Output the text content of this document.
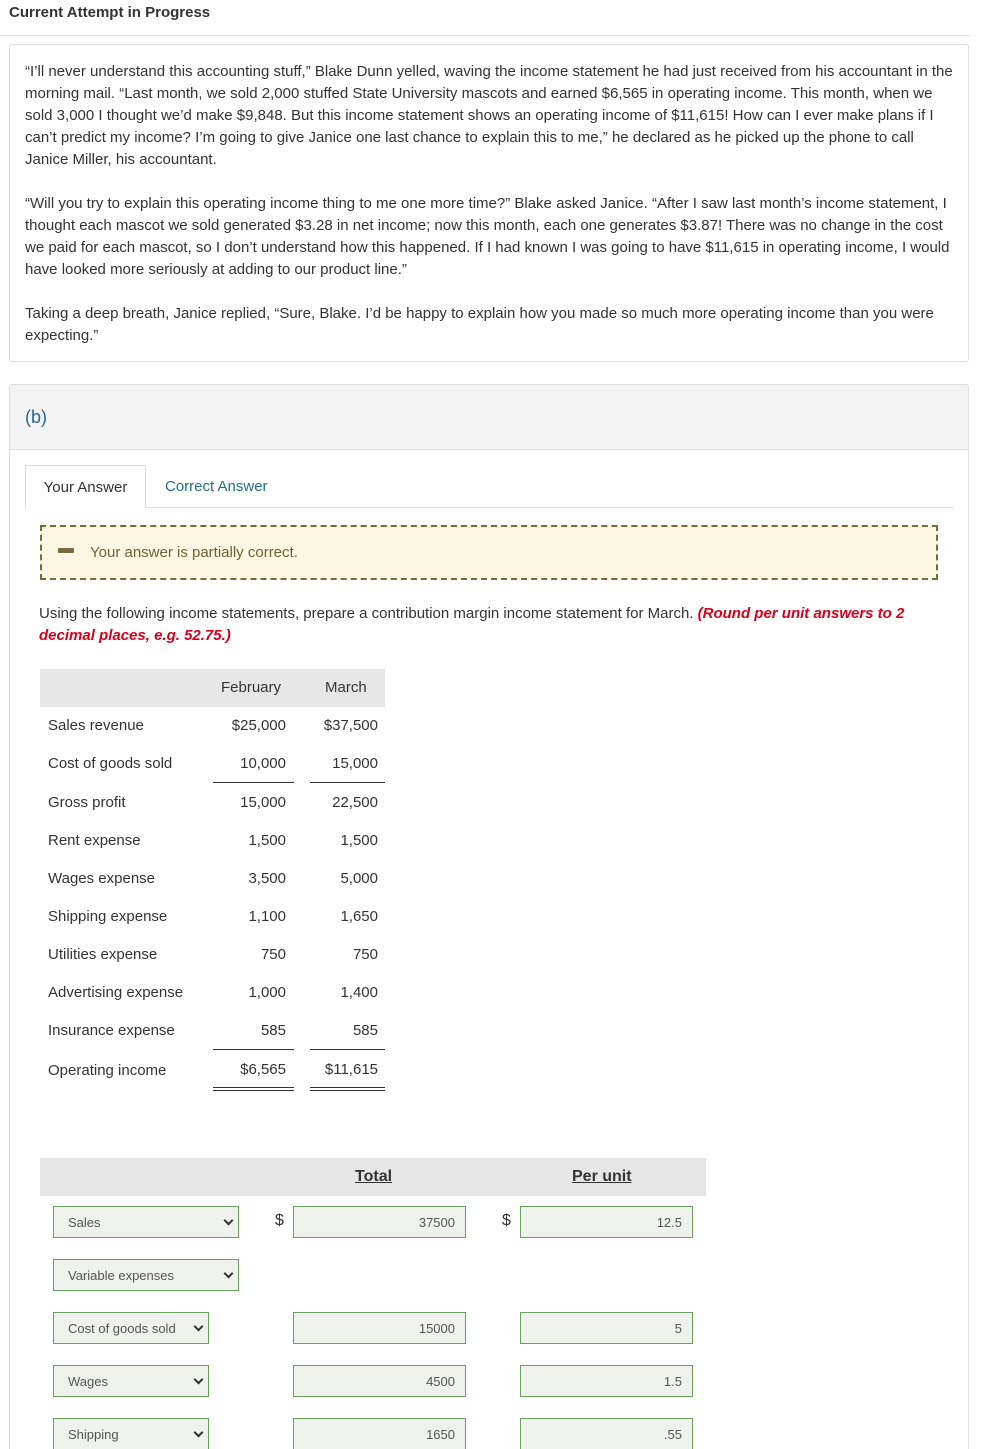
Current Attempt in Progress

“I’ll never understand this accounting stuff,” Blake Dunn yelled, waving the income statement he had just received from his accountant in the morning mail. “Last month, we sold 2,000 stuffed State University mascots and earned $6,565 in operating income. This month, when we sold 3,000 I thought we’d make $9,848. But this income statement shows an operating income of $11,615! How can I ever make plans if I can’t predict my income? I’m going to give Janice one last chance to explain this to me,” he declared as he picked up the phone to call Janice Miller, his accountant.

“Will you try to explain this operating income thing to me one more time?” Blake asked Janice. “After I saw last month’s income statement, I thought each mascot we sold generated $3.28 in net income; now this month, each one generates $3.87! There was no change in the cost we paid for each mascot, so I don’t understand how this happened. If I had known I was going to have $11,615 in operating income, I would have looked more seriously at adding to our product line.”

Taking a deep breath, Janice replied, “Sure, Blake. I’d be happy to explain how you made so much more operating income than you were expecting.”

(b)
Your Answer	Correct Answer
Your answer is partially correct.
Using the following income statements, prepare a contribution margin income statement for March. (Round per unit answers to 2 decimal places, e.g. 52.75.)
February	March
Sales revenue	$25,000	$37,500
Cost of goods sold	10,000	15,000
Gross profit	15,000	22,500
Rent expense	1,500	1,500
Wages expense	3,500	5,000
Shipping expense	1,100	1,650
Utilities expense	750	750
Advertising expense	1,000	1,400
Insurance expense	585	585
Operating income	$6,565	$11,615
Total	Per unit
Sales	$	37500	$	12.5
Variable expenses
Cost of goods sold	15000	5
Wages	4500	1.5
Shipping	1650	.55
